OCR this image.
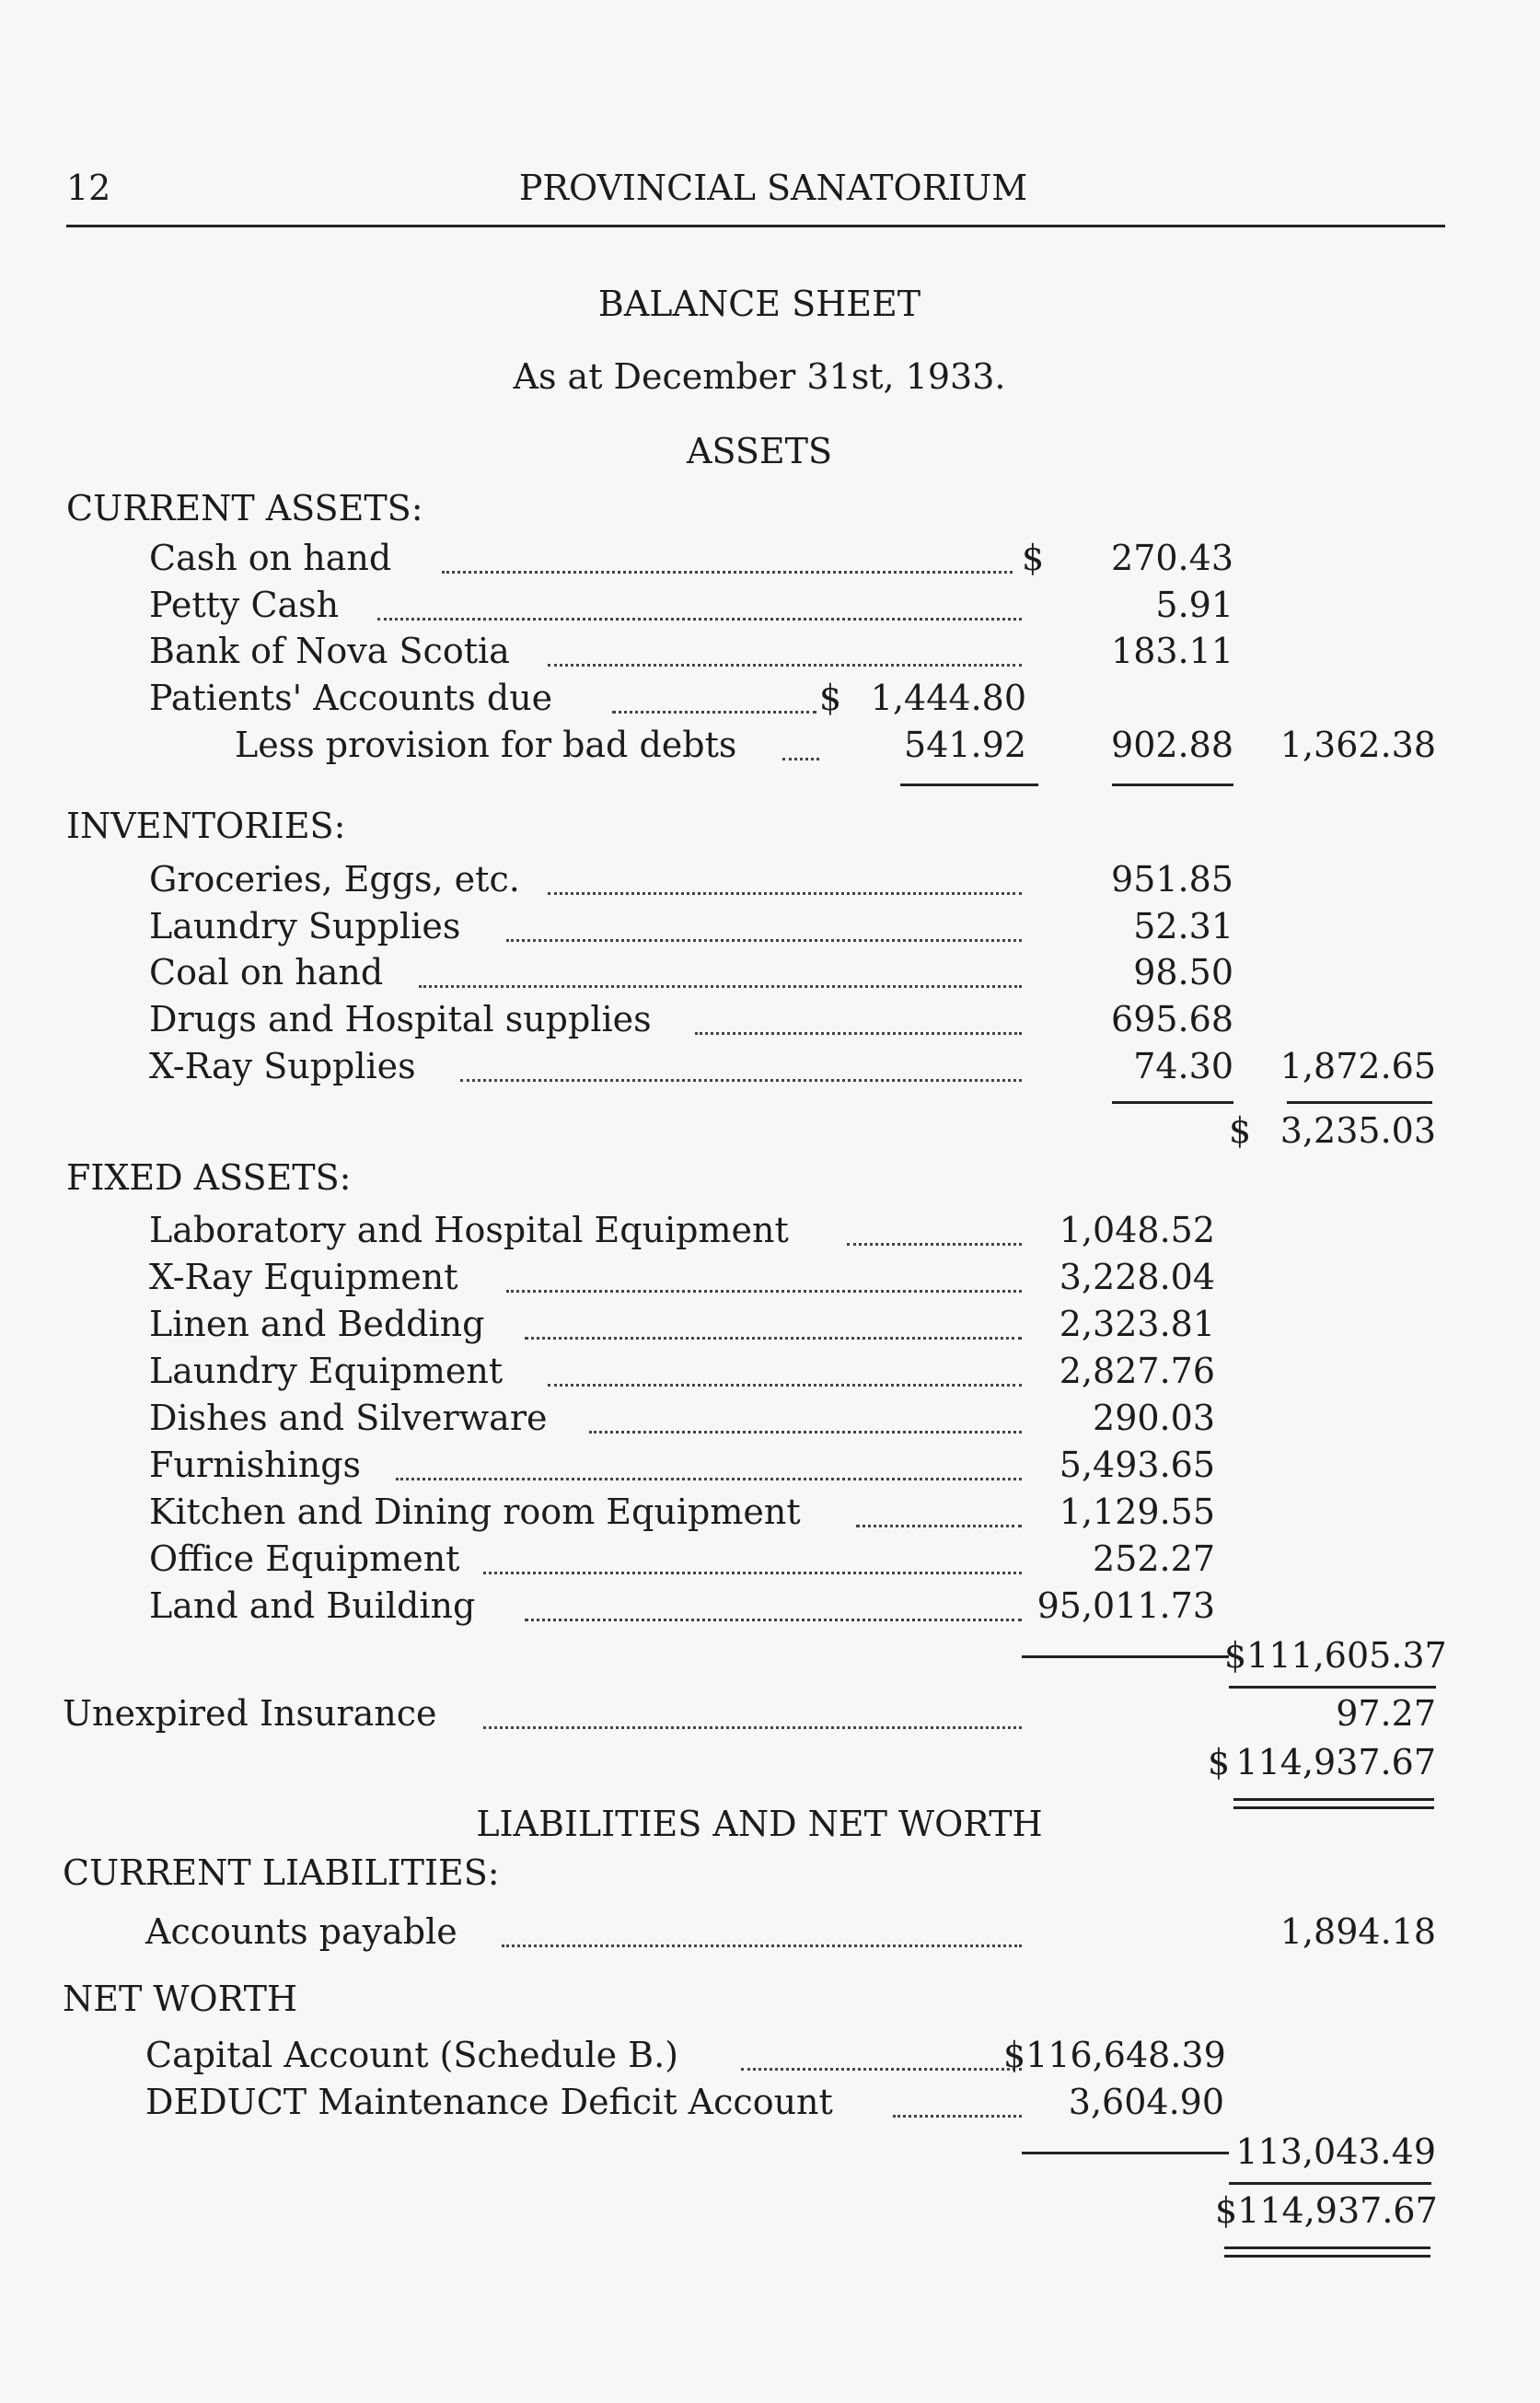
12	PROVINCIAL SANATORIUM
BALANCE SHEET
As at December 31st, 1933.
ASSETS
CURRENT ASSETS:
Cash on hand	$	270.43
Petty Cash	5.91
Bank of Nova Scotia	183.11
Patients' Accounts due	$ 1,444.80
Less provision for bad debts	541.92	902.88	1,362.38
INVENTORIES:
Groceries, Eggs, etc.	951.85
Laundry Supplies	52.31
Coal on hand	98.50
Drugs and Hospital supplies	695.68
X-Ray Supplies	74.30	1,872.65
$ 3,235.03
FIXED ASSETS:
Laboratory and Hospital Equipment	1,048.52
X-Ray Equipment	3,228.04
Linen and Bedding	2,323.81
Laundry Equipment	2,827.76
Dishes and Silverware	290.03
Furnishings	5,493.65
Kitchen and Dining room Equipment	1,129.55
Office Equipment	252.27
Land and Building	95,011.73
$111,605.37
Unexpired Insurance	97.27
$ 114,937.67
LIABILITIES AND NET WORTH
CURRENT LIABILITIES:
Accounts payable	1,894.18
NET WORTH
Capital Account (Schedule B.)	$116,648.39
DEDUCT Maintenance Deficit Account	3,604.90
113,043.49
$114,937.67
